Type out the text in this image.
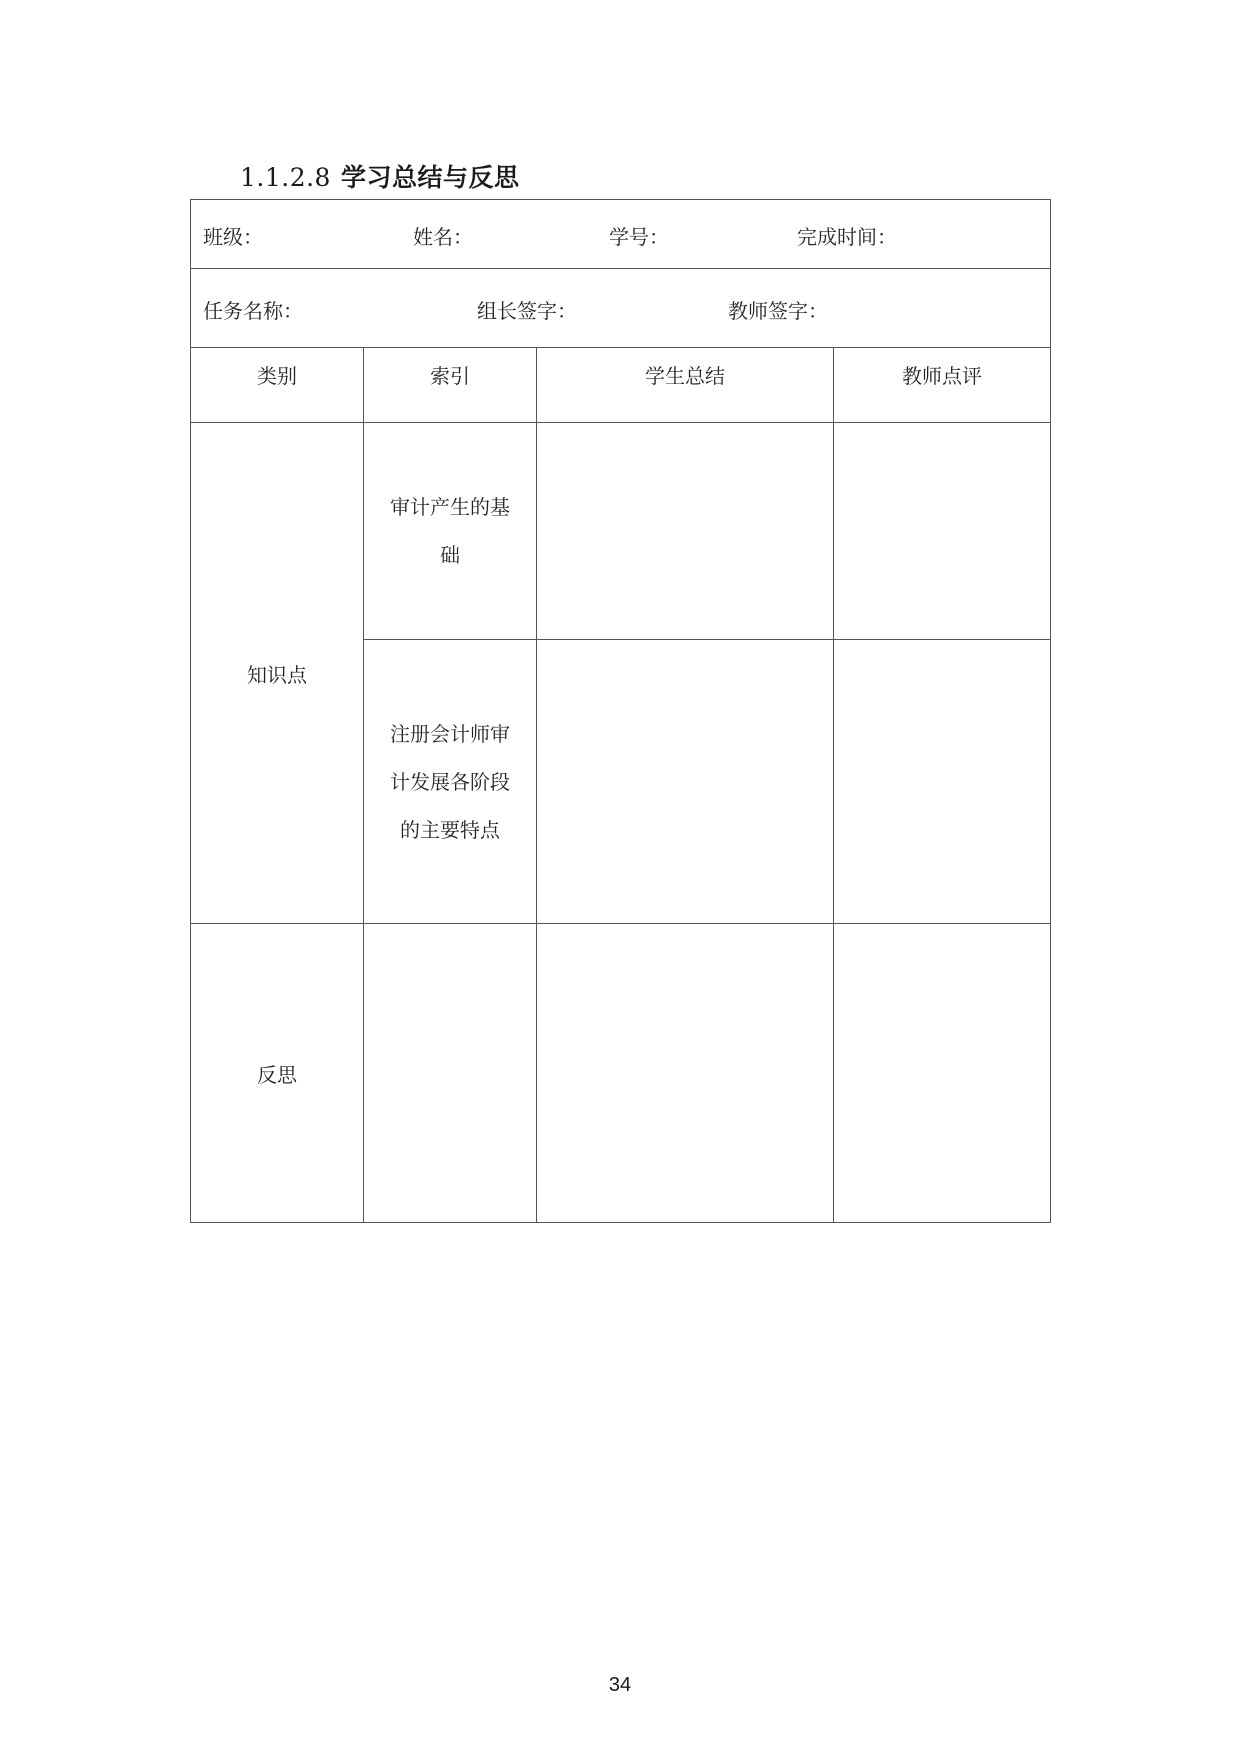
1.1.2.8 学习总结与反思
班级： 姓名： 学号： 完成时间：			

任务名称： 组长签字： 教师签字：			

类别	索引	学生总结	教师点评
知识点	审计产生的基础		
	注册会计师审计发展各阶段的主要特点		
反思			
34
